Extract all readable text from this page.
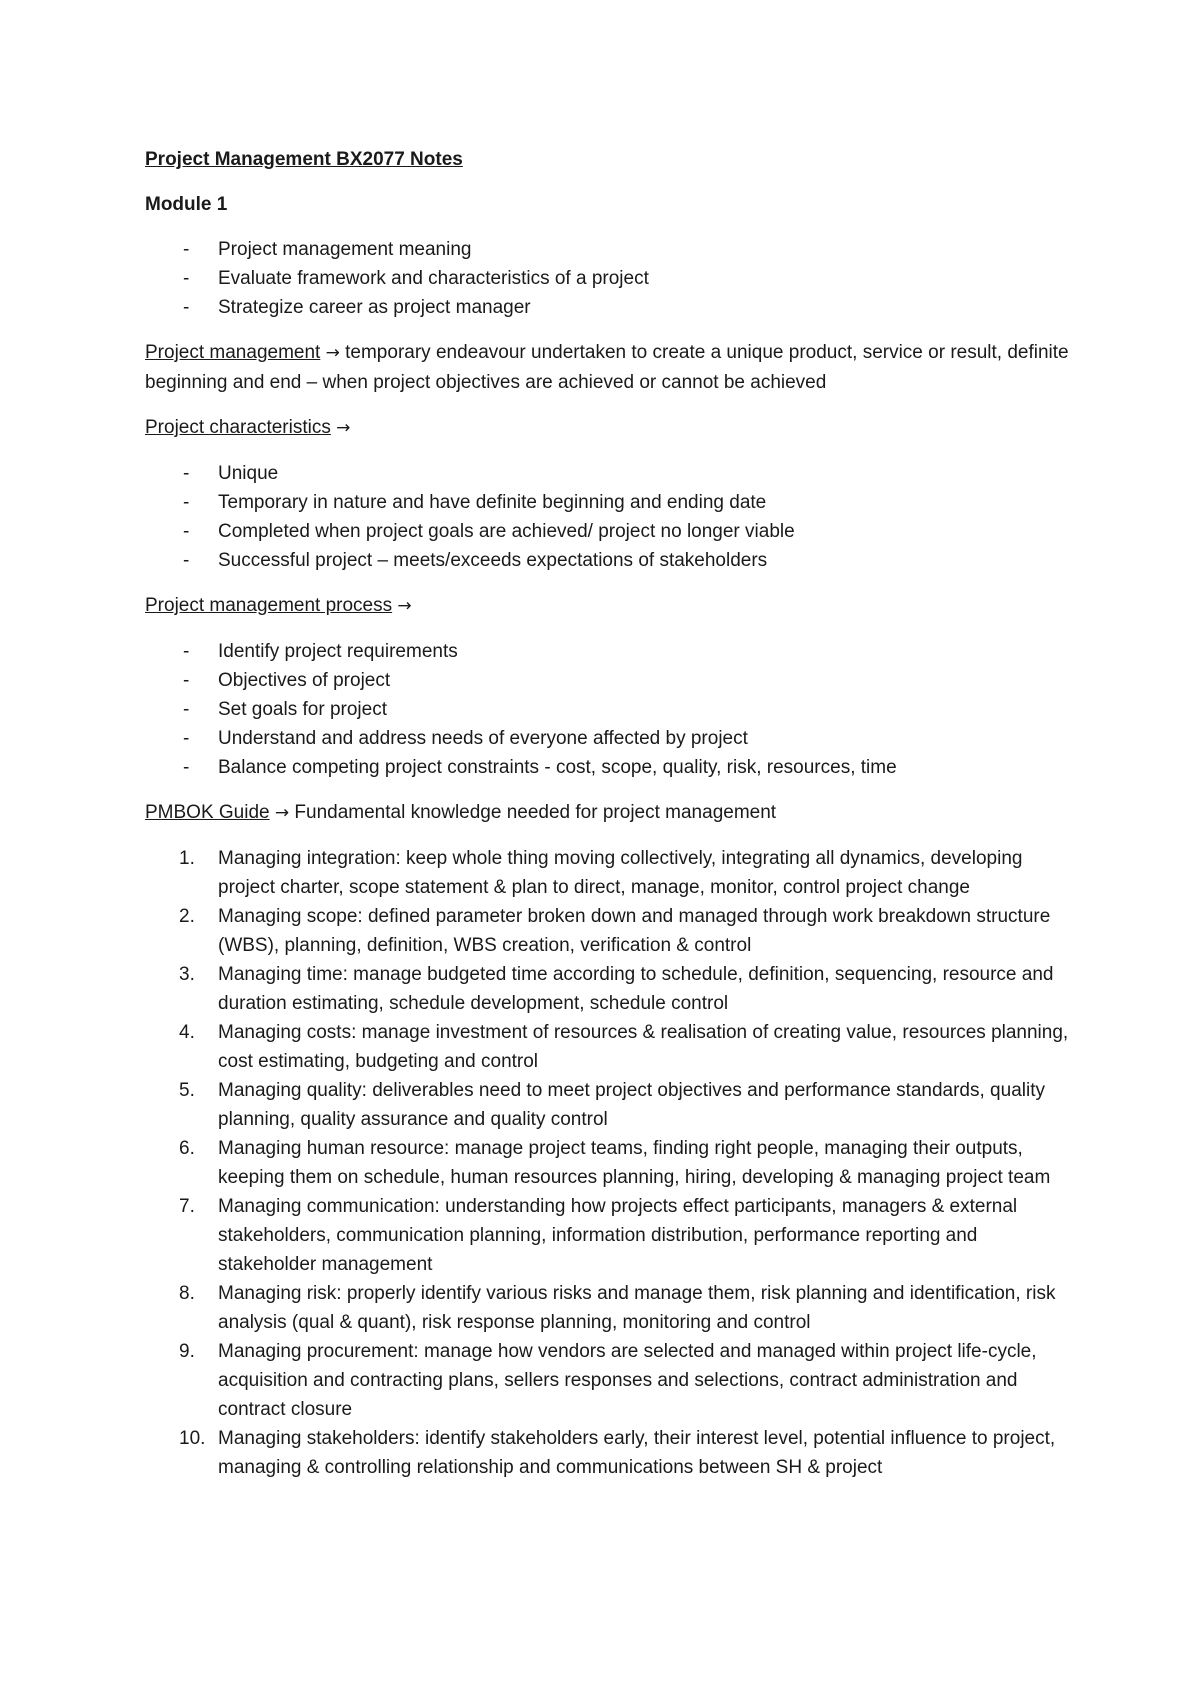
Project Management BX2077 Notes
Module 1
- Project management meaning
- Evaluate framework and characteristics of a project
- Strategize career as project manager
Project management → temporary endeavour undertaken to create a unique product, service or result, definite beginning and end – when project objectives are achieved or cannot be achieved
Project characteristics →
- Unique
- Temporary in nature and have definite beginning and ending date
- Completed when project goals are achieved/ project no longer viable
- Successful project – meets/exceeds expectations of stakeholders
Project management process →
- Identify project requirements
- Objectives of project
- Set goals for project
- Understand and address needs of everyone affected by project
- Balance competing project constraints - cost, scope, quality, risk, resources, time
PMBOK Guide → Fundamental knowledge needed for project management
1.	Managing integration: keep whole thing moving collectively, integrating all dynamics, developing project charter, scope statement & plan to direct, manage, monitor, control project change
2.	Managing scope: defined parameter broken down and managed through work breakdown structure (WBS), planning, definition, WBS creation, verification & control
3.	Managing time: manage budgeted time according to schedule, definition, sequencing, resource and duration estimating, schedule development, schedule control
4.	Managing costs: manage investment of resources & realisation of creating value, resources planning, cost estimating, budgeting and control
5.	Managing quality: deliverables need to meet project objectives and performance standards, quality planning, quality assurance and quality control
6.	Managing human resource: manage project teams, finding right people, managing their outputs, keeping them on schedule, human resources planning, hiring, developing & managing project team
7.	Managing communication: understanding how projects effect participants, managers & external stakeholders, communication planning, information distribution, performance reporting and stakeholder management
8.	Managing risk: properly identify various risks and manage them, risk planning and identification, risk analysis (qual & quant), risk response planning, monitoring and control
9.	Managing procurement: manage how vendors are selected and managed within project life-cycle, acquisition and contracting plans, sellers responses and selections, contract administration and contract closure
10. Managing stakeholders: identify stakeholders early, their interest level, potential influence to project, managing & controlling relationship and communications between SH & project
